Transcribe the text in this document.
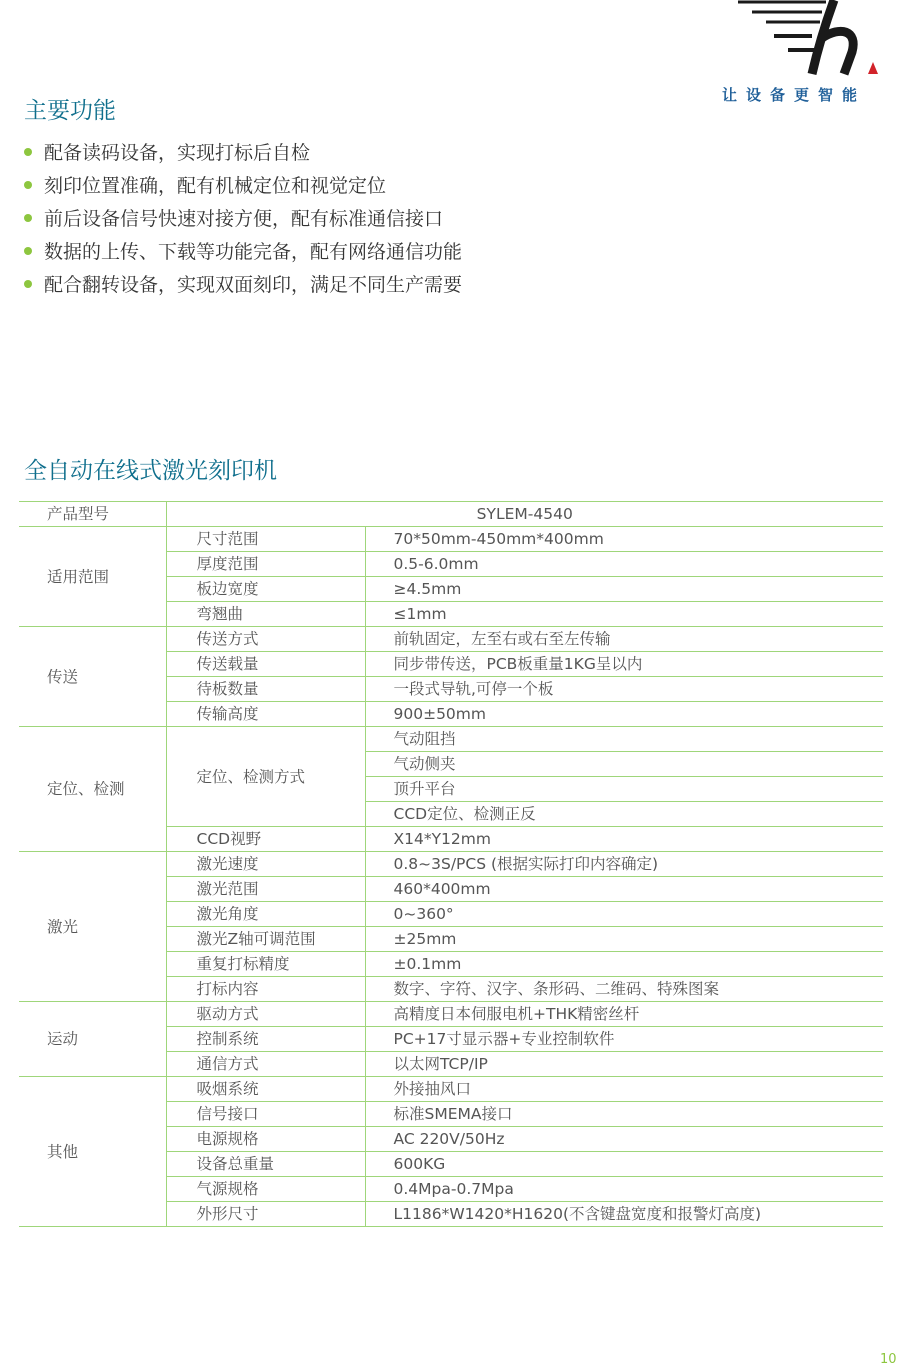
让设备更智能
主要功能
配备读码设备，实现打标后自检
刻印位置准确，配有机械定位和视觉定位
前后设备信号快速对接方便，配有标准通信接口
数据的上传、下载等功能完备，配有网络通信功能
配合翻转设备，实现双面刻印，满足不同生产需要
全自动在线式激光刻印机
产品型号	SYLEM-4540	
适用范围	尺寸范围	70*50mm-450mm*400mm
	厚度范围	0.5-6.0mm
	板边宽度	≥4.5mm
	弯翘曲	≤1mm
传送	传送方式	前轨固定，左至右或右至左传输
	传送载量	同步带传送，PCB板重量1KG呈以内
	待板数量	一段式导轨,可停一个板
	传输高度	900±50mm
定位、检测	定位、检测方式	气动阻挡
		气动侧夹
		顶升平台
		CCD定位、检测正反
	CCD视野	X14*Y12mm
激光	激光速度	0.8~3S/PCS (根据实际打印内容确定)
	激光范围	460*400mm
	激光角度	0~360°
	激光Z轴可调范围	±25mm
	重复打标精度	±0.1mm
	打标内容	数字、字符、汉字、条形码、二维码、特殊图案
运动	驱动方式	高精度日本伺服电机+THK精密丝杆
	控制系统	PC+17寸显示器+专业控制软件
	通信方式	以太网TCP/IP
其他	吸烟系统	外接抽风口
	信号接口	标准SMEMA接口
	电源规格	AC 220V/50Hz
	设备总重量	600KG
	气源规格	0.4Mpa-0.7Mpa
	外形尺寸	L1186*W1420*H1620(不含键盘宽度和报警灯高度)
10
